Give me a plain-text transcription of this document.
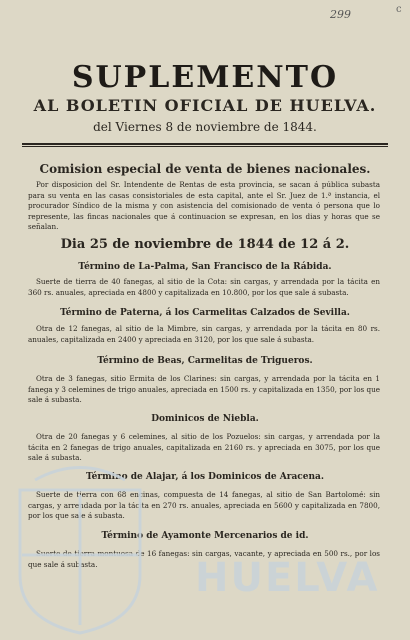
299	c
SUPLEMENTO
AL BOLETIN OFICIAL DE HUELVA.
del Viernes 8 de noviembre de 1844.
Comision especial de venta de bienes nacionales.

Por disposicion del Sr. Intendente de Rentas de esta provincia, se sacan á pública subasta para su venta en las casas consistoriales de esta capital, ante el Sr. Juez de 1.ª instancia, el procurador Síndico de la misma y con asistencia del comisionado de venta ó persona que lo represente, las fincas nacionales que á continuacion se expresan, en los dias y horas que se señalan.

Dia 25 de noviembre de 1844 de 12 á 2.
Término de La-Palma, San Francisco de la Rábida.

Suerte de tierra de 40 fanegas, al sitio de la Cota: sin cargas, y arrendada por la tácita en 360 rs. anuales, apreciada en 4800 y capitalizada en 10.800, por los que sale á subasta.

Término de Paterna, á los Carmelitas Calzados de Sevilla.

Otra de 12 fanegas, al sitio de la Mimbre, sin cargas, y arrendada por la tácita en 80 rs. anuales, capitalizada en 2400 y apreciada en 3120, por los que sale á subasta.

Término de Beas, Carmelitas de Trigueros.

Otra de 3 fanegas, sitio Ermita de los Clarines: sin cargas, y arrendada por la tácita en 1 fanega y 3 celemines de trigo anuales, apreciada en 1500 rs. y capitalizada en 1350, por los que sale á subasta.

Dominicos de Niebla.

Otra de 20 fanegas y 6 celemines, al sitio de los Pozuelos: sin cargas, y arrendada por la tácita en 2 fanegas de trigo anuales, capitalizada en 2160 rs. y apreciada en 3075, por los que sale á subasta.

Término de Alajar, á los Dominicos de Aracena.

Suerte de tierra con 68 encinas, compuesta de 14 fanegas, al sitio de San Bartolomé: sin cargas, y arrendada por la tácita en 270 rs. anuales, apreciada en 5600 y capitalizada en 7800, por los que sale á subasta.

Término de Ayamonte Mercenarios de id.

Suerte de tierra montuosa de 16 fanegas: sin cargas, vacante, y apreciada en 500 rs., por los que sale á subasta.	HUELVA
